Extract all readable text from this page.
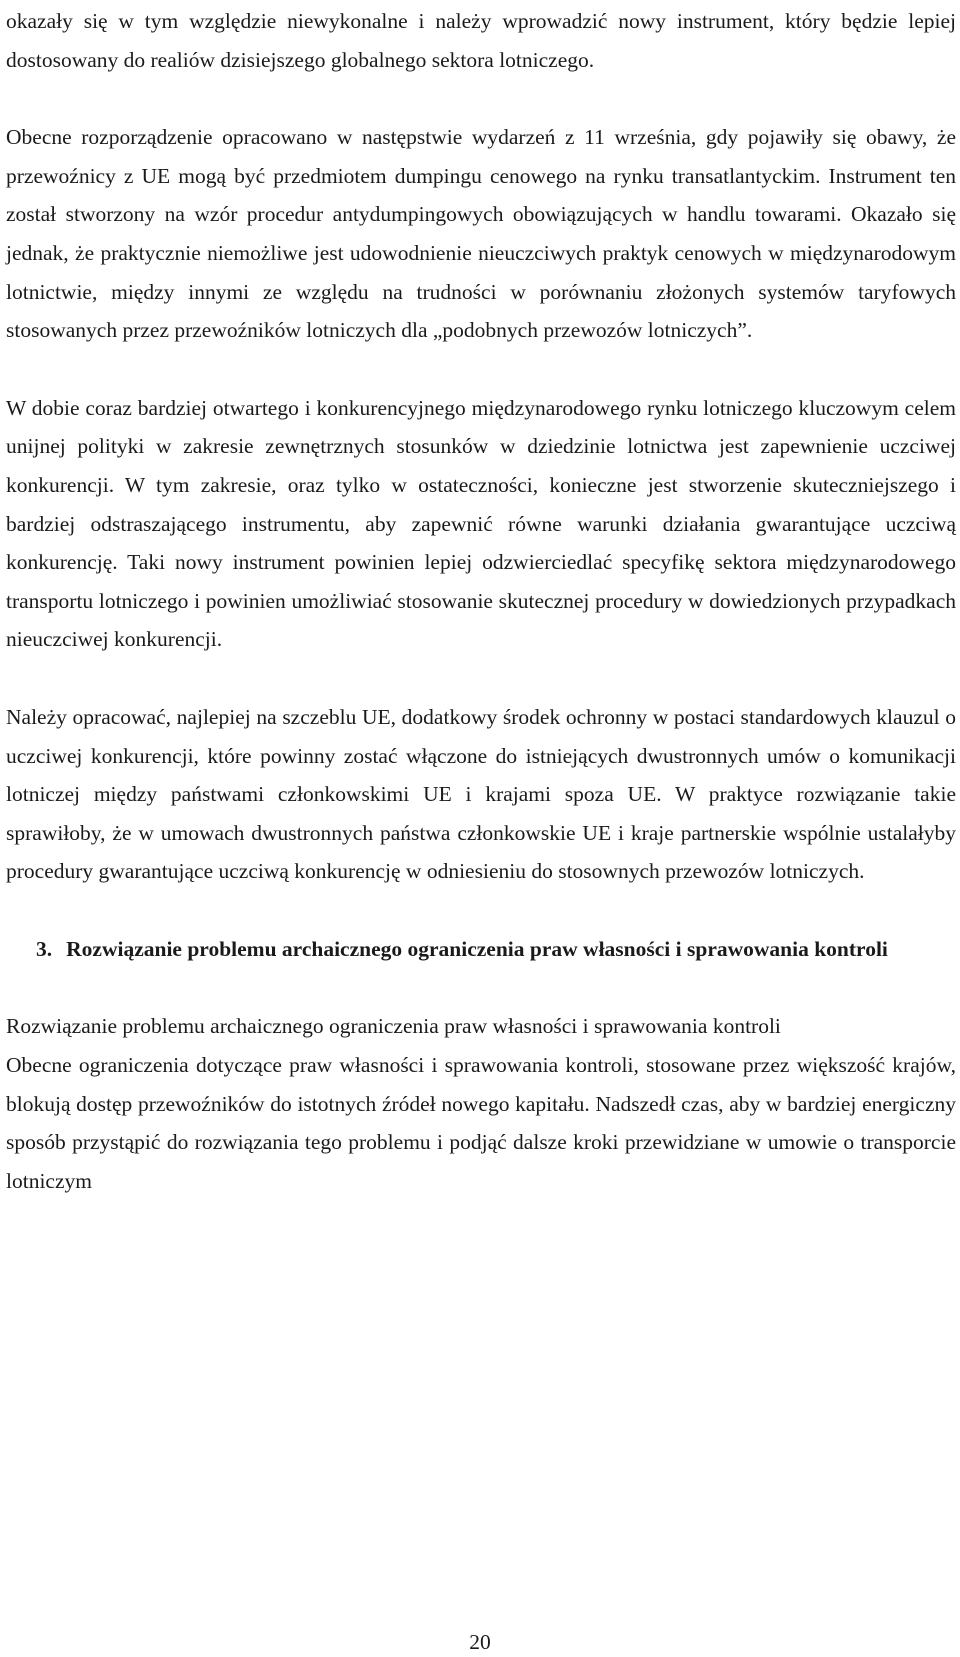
okazały się w tym względzie niewykonalne i należy wprowadzić nowy instrument, który będzie lepiej dostosowany do realiów dzisiejszego globalnego sektora lotniczego.

Obecne rozporządzenie opracowano w następstwie wydarzeń z 11 września, gdy pojawiły się obawy, że przewoźnicy z UE mogą być przedmiotem dumpingu cenowego na rynku transatlantyckim. Instrument ten został stworzony na wzór procedur antydumpingowych obowiązujących w handlu towarami. Okazało się jednak, że praktycznie niemożliwe jest udowodnienie nieuczciwych praktyk cenowych w międzynarodowym lotnictwie, między innymi ze względu na trudności w porównaniu złożonych systemów taryfowych stosowanych przez przewoźników lotniczych dla „podobnych przewozów lotniczych”.

W dobie coraz bardziej otwartego i konkurencyjnego międzynarodowego rynku lotniczego kluczowym celem unijnej polityki w zakresie zewnętrznych stosunków w dziedzinie lotnictwa jest zapewnienie uczciwej konkurencji. W tym zakresie, oraz tylko w ostateczności, konieczne jest stworzenie skuteczniejszego i bardziej odstraszającego instrumentu, aby zapewnić równe warunki działania gwarantujące uczciwą konkurencję. Taki nowy instrument powinien lepiej odzwierciedlać specyfikę sektora międzynarodowego transportu lotniczego i powinien umożliwiać stosowanie skutecznej procedury w dowiedzionych przypadkach nieuczciwej konkurencji.

Należy opracować, najlepiej na szczeblu UE, dodatkowy środek ochronny w postaci standardowych klauzul o uczciwej konkurencji, które powinny zostać włączone do istniejących dwustronnych umów o komunikacji lotniczej między państwami członkowskimi UE i krajami spoza UE. W praktyce rozwiązanie takie sprawiłoby, że w umowach dwustronnych państwa członkowskie UE i kraje partnerskie wspólnie ustalałyby procedury gwarantujące uczciwą konkurencję w odniesieniu do stosownych przewozów lotniczych.

3. Rozwiązanie problemu archaicznego ograniczenia praw własności i sprawowania kontroli

Rozwiązanie problemu archaicznego ograniczenia praw własności i sprawowania kontroli

Obecne ograniczenia dotyczące praw własności i sprawowania kontroli, stosowane przez większość krajów, blokują dostęp przewoźników do istotnych źródeł nowego kapitału. Nadszedł czas, aby w bardziej energiczny sposób przystąpić do rozwiązania tego problemu i podjąć dalsze kroki przewidziane w umowie o transporcie lotniczym

20
